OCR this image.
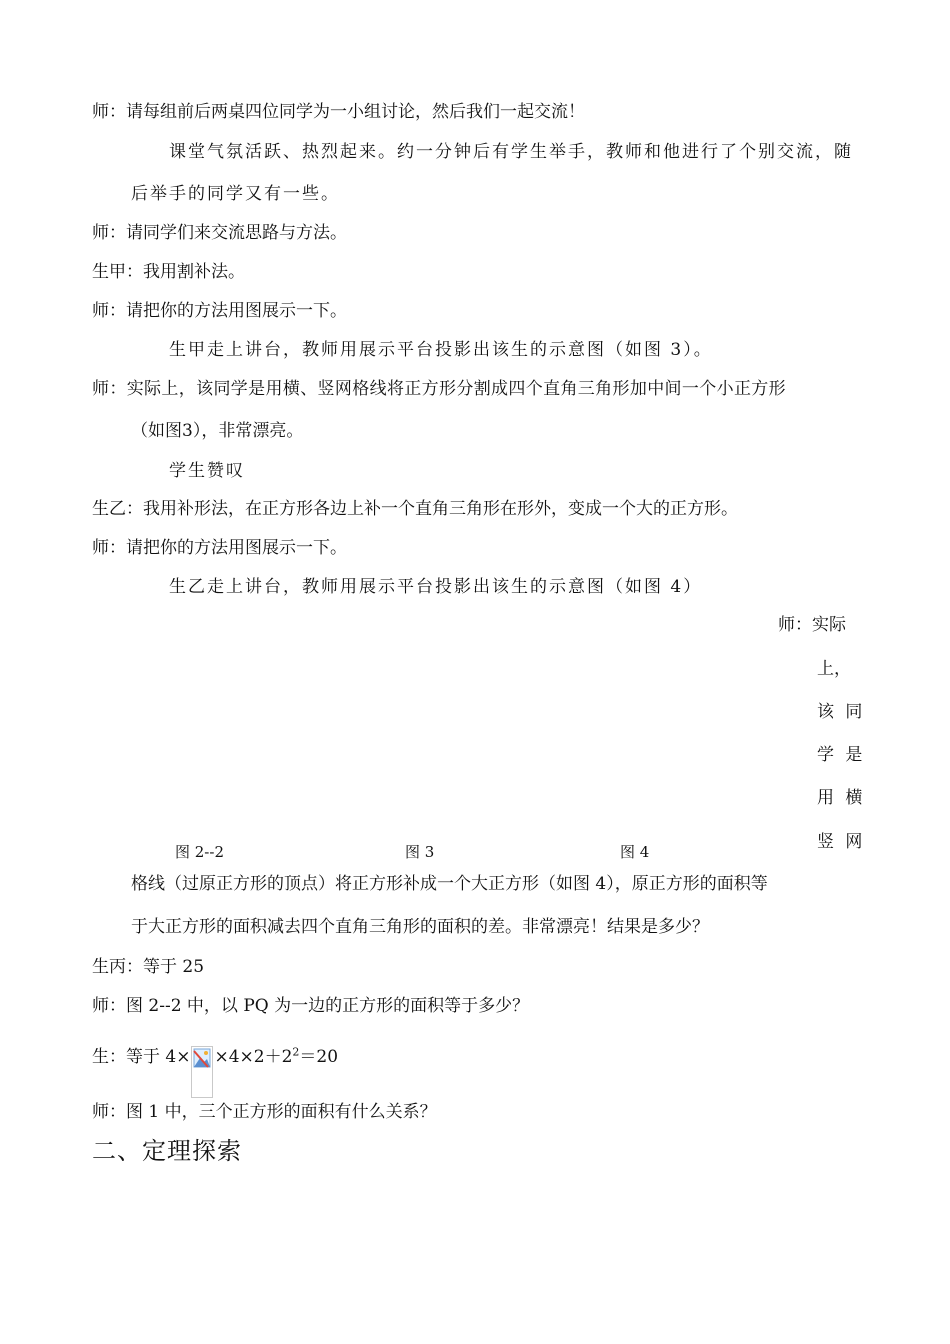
师：请每组前后两桌四位同学为一小组讨论，然后我们一起交流！

课堂气氛活跃、热烈起来。约一分钟后有学生举手，教师和他进行了个别交流，随

后举手的同学又有一些。

师：请同学们来交流思路与方法。

生甲：我用割补法。

师：请把你的方法用图展示一下。

生甲走上讲台，教师用展示平台投影出该生的示意图（如图 3）。

师：实际上，该同学是用横、竖网格线将正方形分割成四个直角三角形加中间一个小正方形

（如图3），非常漂亮。

学生赞叹

生乙：我用补形法，在正方形各边上补一个直角三角形在形外，变成一个大的正方形。

师：请把你的方法用图展示一下。

生乙走上讲台，教师用展示平台投影出该生的示意图（如图 4）

师：实际
上，
该 同
学 是
用 横
竖 网
图 2--2	图 3	图 4

格线（过原正方形的顶点）将正方形补成一个大正方形（如图 4），原正方形的面积等

于大正方形的面积减去四个直角三角形的面积的差。非常漂亮！结果是多少？

生丙：等于 25

师：图 2--2 中，以 PQ 为一边的正方形的面积等于多少？

生：等于 $4\times \times 4\times 2+2^2=20$

师：图 1 中，三个正方形的面积有什么关系？

二、定理探索
